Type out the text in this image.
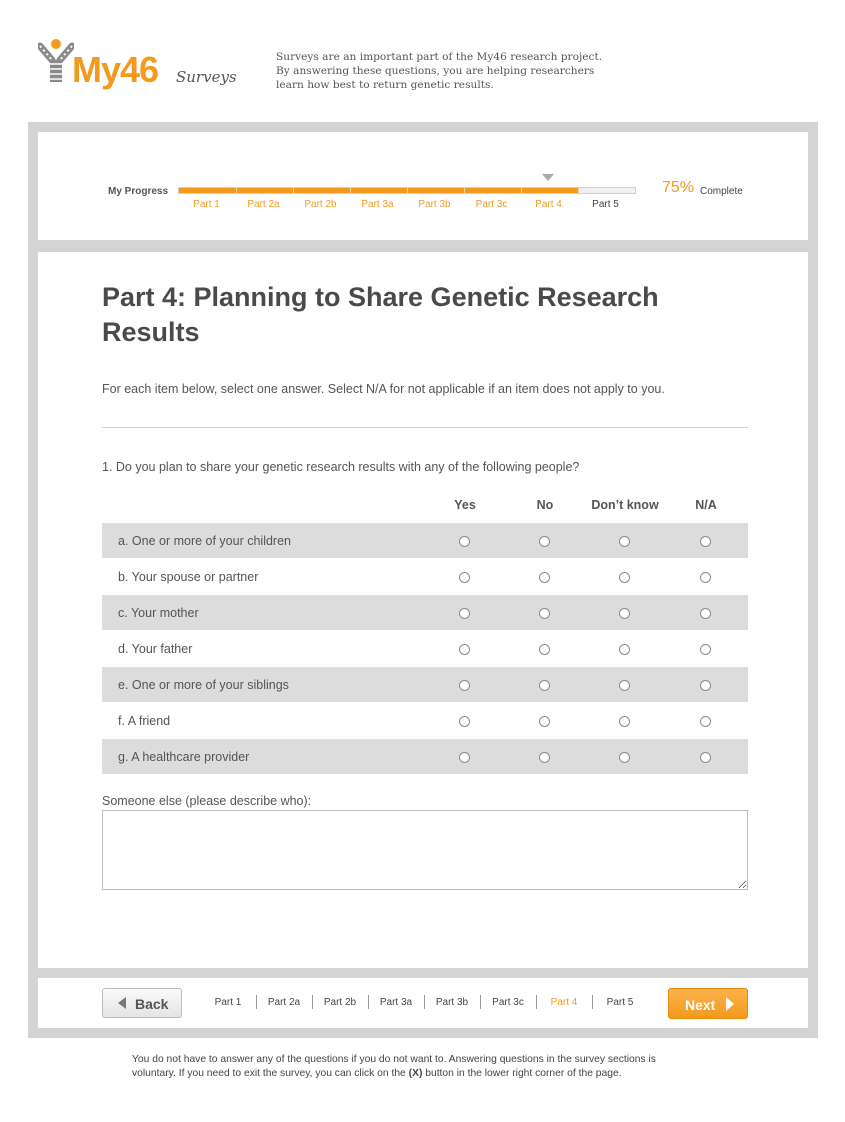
My46 Surveys
Surveys are an important part of the My46 research project.
By answering these questions, you are helping researchers
learn how best to return genetic results.
My Progress
Part 1	Part 2a	Part 2b	Part 3a	Part 3b	Part 3c	Part 4	Part 5
75% Complete
Part 4: Planning to Share Genetic Research Results

For each item below, select one answer. Select N/A for not applicable if an item does not apply to you.

1. Do you plan to share your genetic research results with any of the following people?

Yes	No	Don’t know	N/A
a. One or more of your children
b. Your spouse or partner
c. Your mother
d. Your father
e. One or more of your siblings
f. A friend
g. A healthcare provider
Someone else (please describe who):
Back	Part 1	Part 2a	Part 2b	Part 3a	Part 3b	Part 3c	Part 4	Part 5	Next
You do not have to answer any of the questions if you do not want to. Answering questions in the survey sections is
voluntary. If you need to exit the survey, you can click on the (X) button in the lower right corner of the page.
